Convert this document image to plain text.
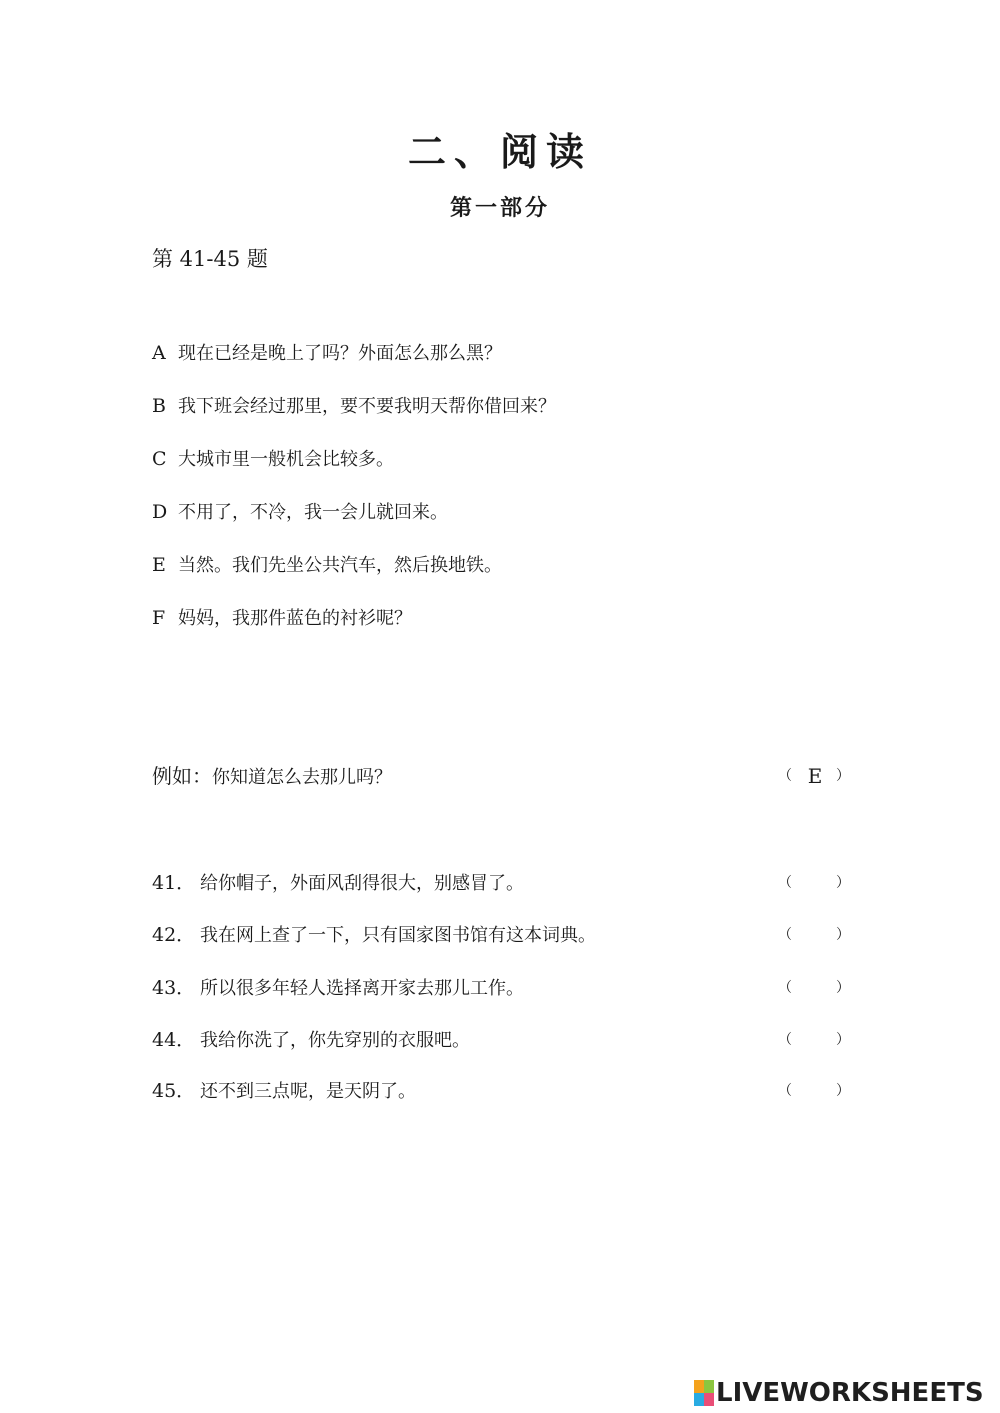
二、阅读
第一部分
第 41-45 题
A 现在已经是晚上了吗？外面怎么那么黑？
B 我下班会经过那里，要不要我明天帮你借回来？
C 大城市里一般机会比较多。
D 不用了，不冷，我一会儿就回来。
E 当然。我们先坐公共汽车，然后换地铁。
F 妈妈，我那件蓝色的衬衫呢？
例如：你知道怎么去那儿吗？	（ E ）
41． 给你帽子，外面风刮得很大，别感冒了。	（	）
42． 我在网上查了一下，只有国家图书馆有这本词典。	（	）
43． 所以很多年轻人选择离开家去那儿工作。	（	）
44． 我给你洗了，你先穿别的衣服吧。	（	）
45． 还不到三点呢，是天阴了。	（	）
LIVEWORKSHEETS
